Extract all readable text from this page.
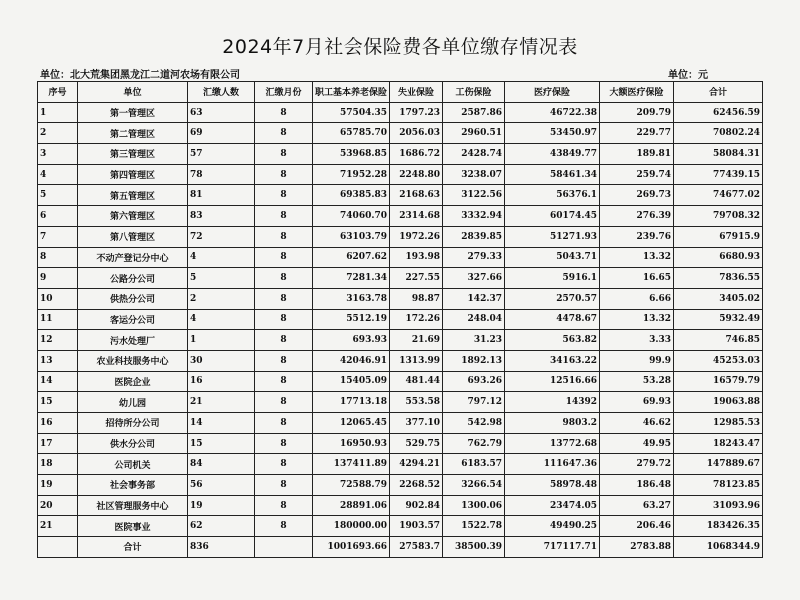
2024年7月社会保险费各单位缴存情况表
单位：北大荒集团黑龙江二道河农场有限公司	单位：元
序号	单位	汇缴人数	汇缴月份	职工基本养老保险	失业保险	工伤保险	医疗保险	大额医疗保险	合计
1	第一管理区	63	8	57504.35	1797.23	2587.86	46722.38	209.79	62456.59
2	第二管理区	69	8	65785.70	2056.03	2960.51	53450.97	229.77	70802.24
3	第三管理区	57	8	53968.85	1686.72	2428.74	43849.77	189.81	58084.31
4	第四管理区	78	8	71952.28	2248.80	3238.07	58461.34	259.74	77439.15
5	第五管理区	81	8	69385.83	2168.63	3122.56	56376.1	269.73	74677.02
6	第六管理区	83	8	74060.70	2314.68	3332.94	60174.45	276.39	79708.32
7	第八管理区	72	8	63103.79	1972.26	2839.85	51271.93	239.76	67915.9
8	不动产登记分中心	4	8	6207.62	193.98	279.33	5043.71	13.32	6680.93
9	公路分公司	5	8	7281.34	227.55	327.66	5916.1	16.65	7836.55
10	供热分公司	2	8	3163.78	98.87	142.37	2570.57	6.66	3405.02
11	客运分公司	4	8	5512.19	172.26	248.04	4478.67	13.32	5932.49
12	污水处理厂	1	8	693.93	21.69	31.23	563.82	3.33	746.85
13	农业科技服务中心	30	8	42046.91	1313.99	1892.13	34163.22	99.9	45253.03
14	医院企业	16	8	15405.09	481.44	693.26	12516.66	53.28	16579.79
15	幼儿园	21	8	17713.18	553.58	797.12	14392	69.93	19063.88
16	招待所分公司	14	8	12065.45	377.10	542.98	9803.2	46.62	12985.53
17	供水分公司	15	8	16950.93	529.75	762.79	13772.68	49.95	18243.47
18	公司机关	84	8	137411.89	4294.21	6183.57	111647.36	279.72	147889.67
19	社会事务部	56	8	72588.79	2268.52	3266.54	58978.48	186.48	78123.85
20	社区管理服务中心	19	8	28891.06	902.84	1300.06	23474.05	63.27	31093.96
21	医院事业	62	8	180000.00	1903.57	1522.78	49490.25	206.46	183426.35
	合计	836		1001693.66	27583.7	38500.39	717117.71	2783.88	1068344.9
